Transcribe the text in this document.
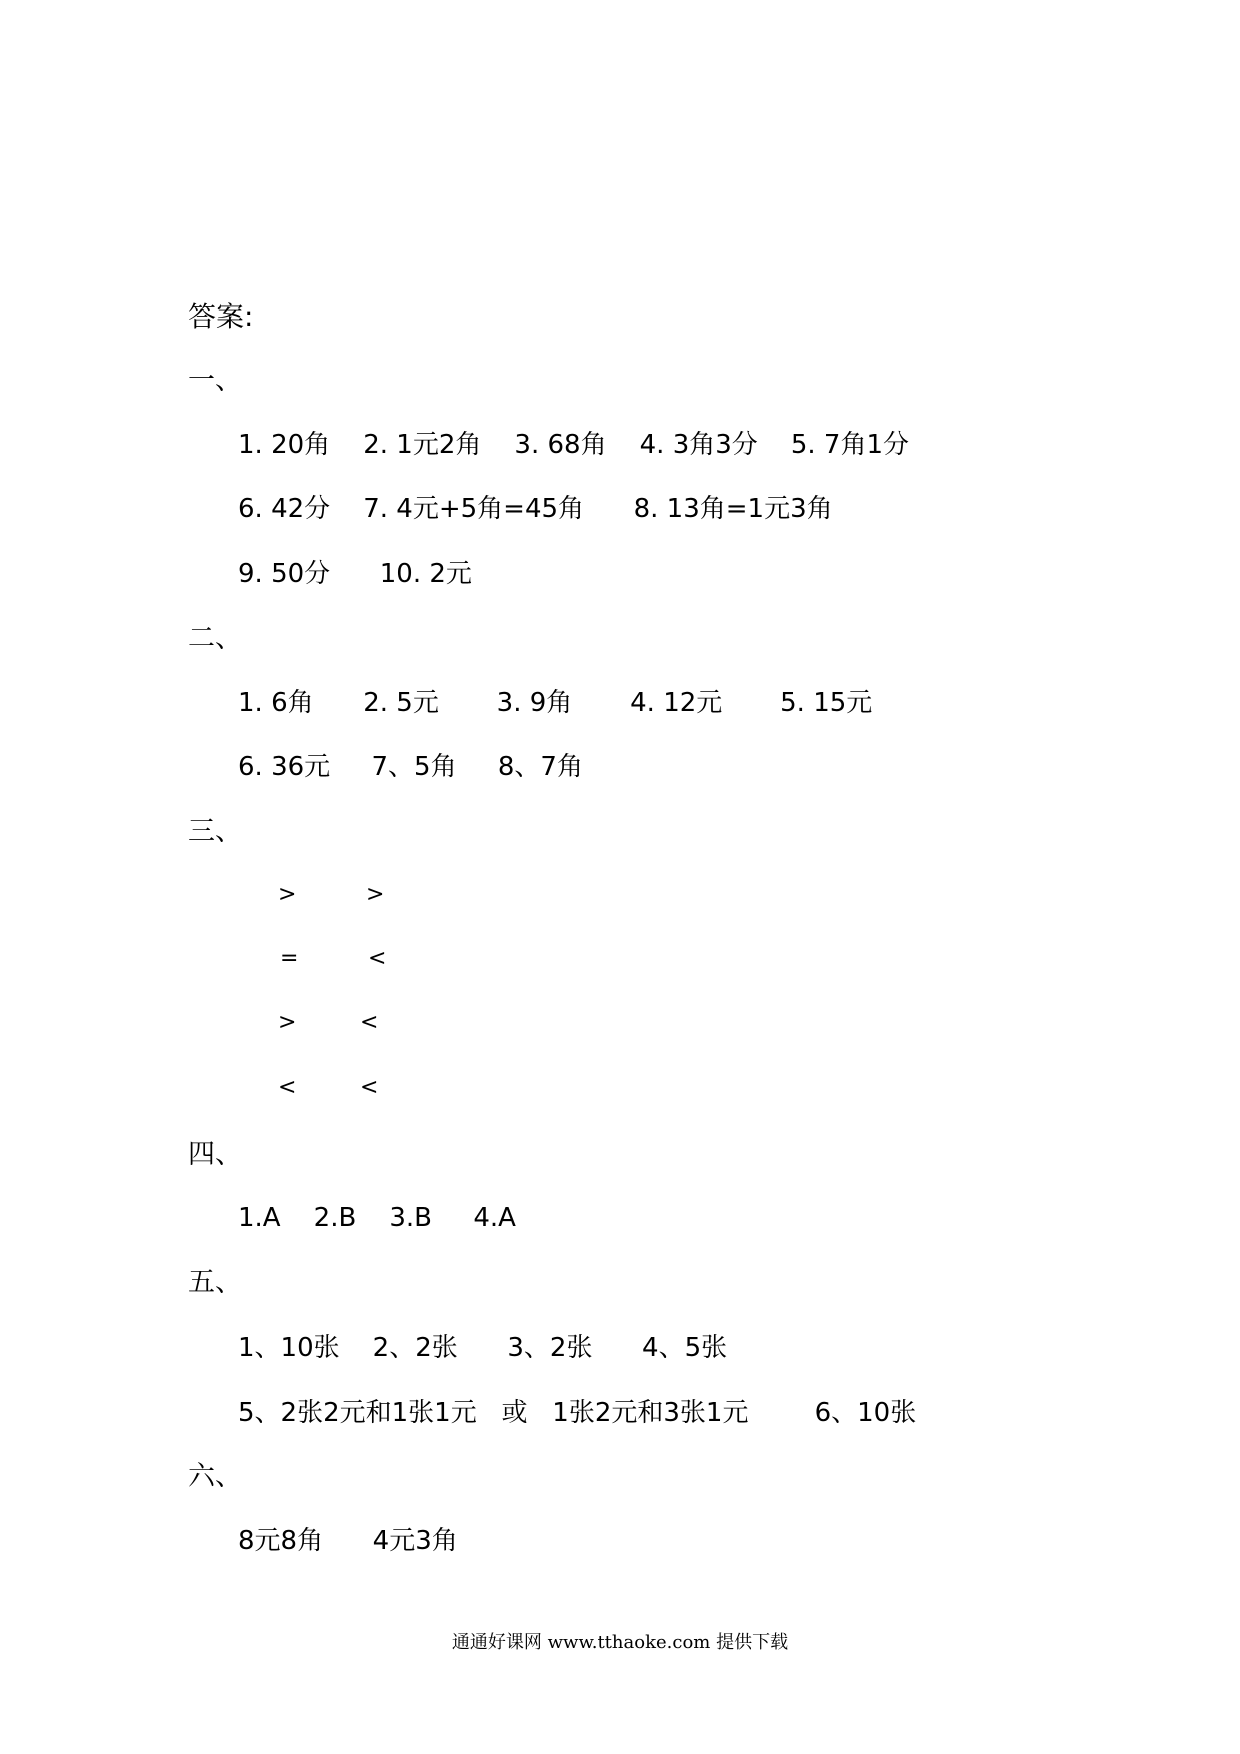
答案:
一、
1. 20角    2. 1元2角    3. 68角    4. 3角3分    5. 7角1分
6. 42分    7. 4元+5角=45角      8. 13角=1元3角
9. 50分      10. 2元
二、
1. 6角      2. 5元       3. 9角       4. 12元       5. 15元
6. 36元     7、5角     8、7角
三、
>	>
=	<
>	<
<	<
四、
1.A    2.B    3.B     4.A
五、
1、10张    2、2张      3、2张      4、5张
5、2张2元和1张1元   或   1张2元和3张1元        6、10张
六、
8元8角      4元3角
通通好课网 www.tthaoke.com 提供下载
